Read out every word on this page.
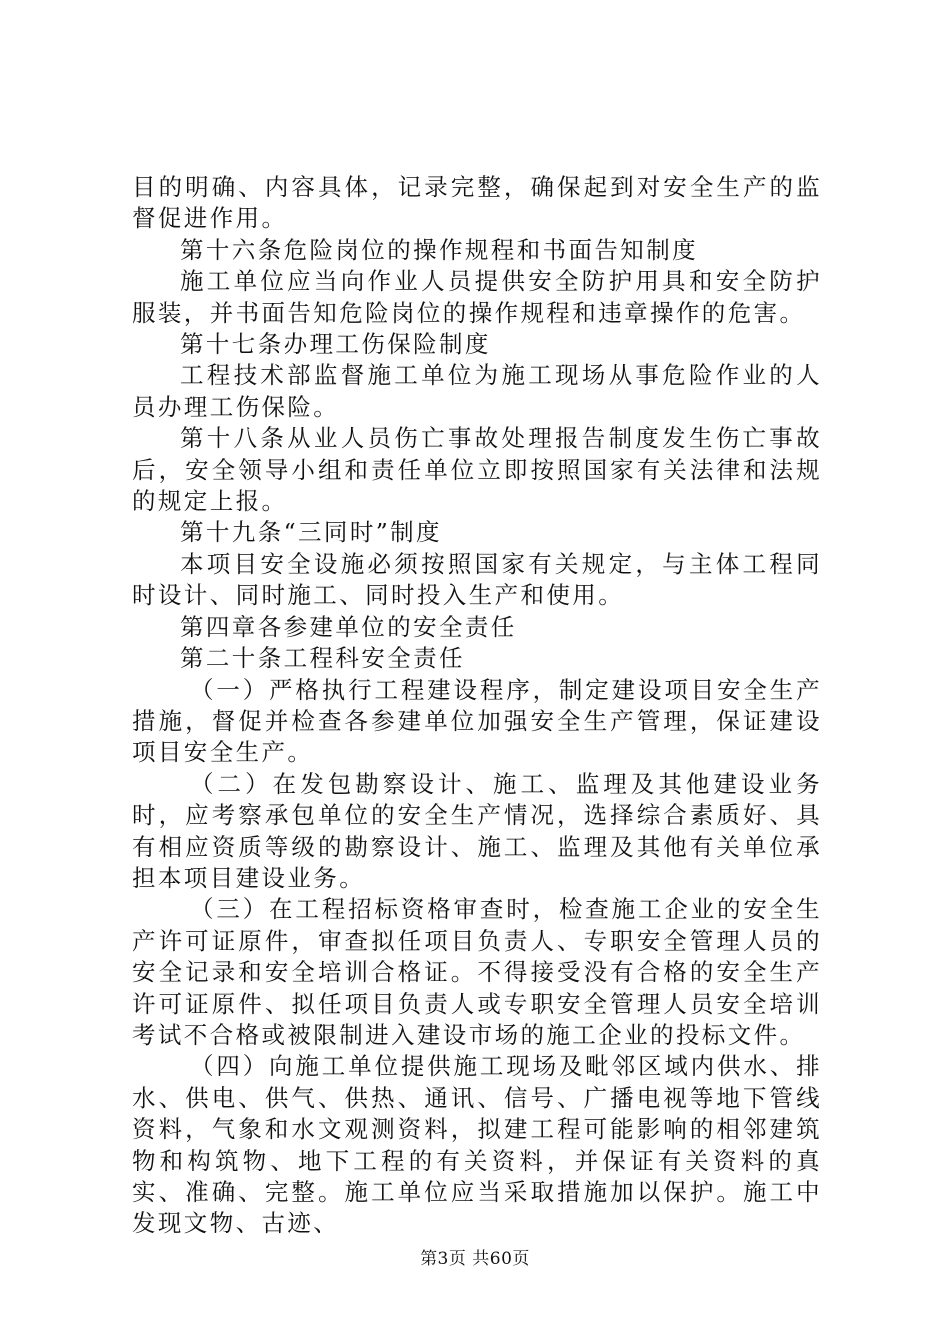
目的明确、内容具体，记录完整，确保起到对安全生产的监督促进作用。

第十六条危险岗位的操作规程和书面告知制度

施工单位应当向作业人员提供安全防护用具和安全防护服装，并书面告知危险岗位的操作规程和违章操作的危害。

第十七条办理工伤保险制度

工程技术部监督施工单位为施工现场从事危险作业的人员办理工伤保险。

第十八条从业人员伤亡事故处理报告制度发生伤亡事故后，安全领导小组和责任单位立即按照国家有关法律和法规的规定上报。

第十九条“三同时”制度

本项目安全设施必须按照国家有关规定，与主体工程同时设计、同时施工、同时投入生产和使用。

第四章各参建单位的安全责任

第二十条工程科安全责任

（一）严格执行工程建设程序，制定建设项目安全生产措施，督促并检查各参建单位加强安全生产管理，保证建设项目安全生产。

（二）在发包勘察设计、施工、监理及其他建设业务时，应考察承包单位的安全生产情况，选择综合素质好、具有相应资质等级的勘察设计、施工、监理及其他有关单位承担本项目建设业务。

（三）在工程招标资格审查时，检查施工企业的安全生产许可证原件，审查拟任项目负责人、专职安全管理人员的安全记录和安全培训合格证。不得接受没有合格的安全生产许可证原件、拟任项目负责人或专职安全管理人员安全培训考试不合格或被限制进入建设市场的施工企业的投标文件。

（四）向施工单位提供施工现场及毗邻区域内供水、排水、供电、供气、供热、通讯、信号、广播电视等地下管线资料，气象和水文观测资料，拟建工程可能影响的相邻建筑物和构筑物、地下工程的有关资料，并保证有关资料的真实、准确、完整。施工单位应当采取措施加以保护。施工中发现文物、古迹、

第3页 共60页
